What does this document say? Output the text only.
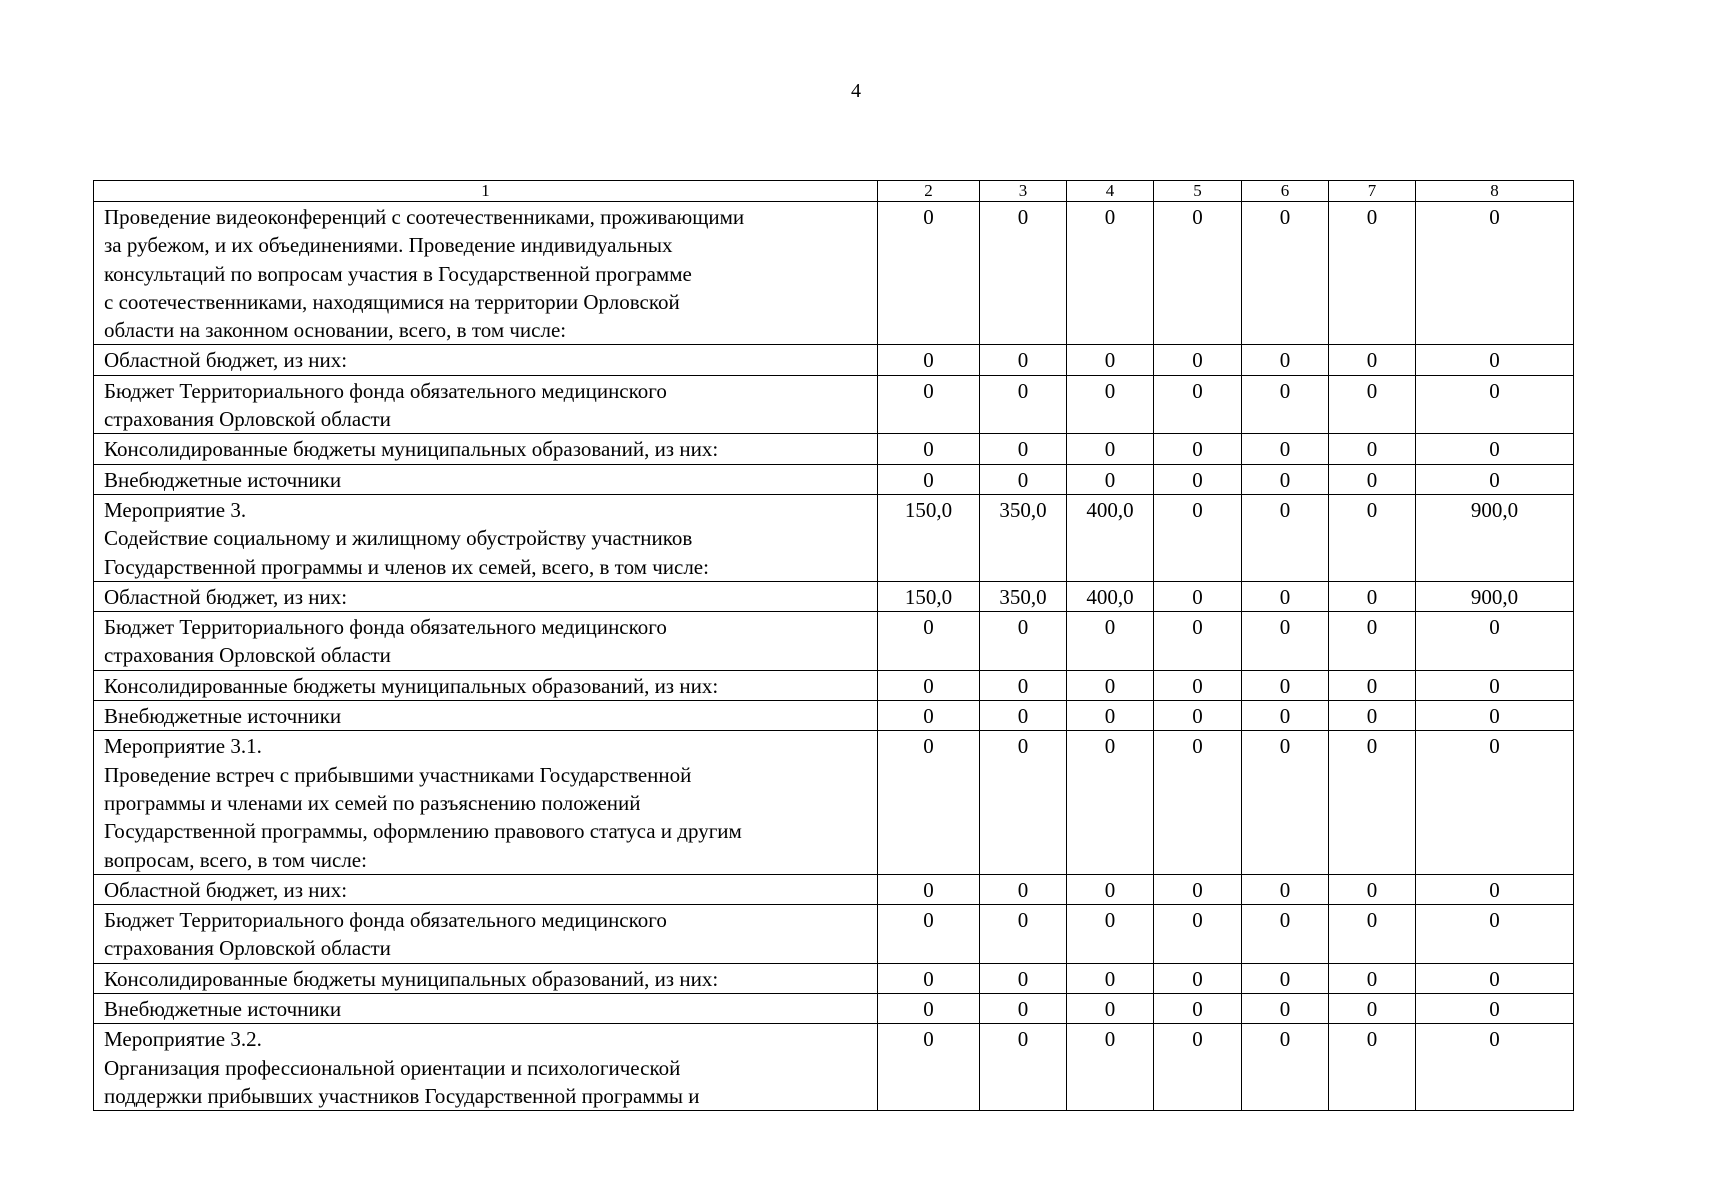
4
1	2	3	4	5	6	7	8
Проведение видеоконференций с соотечественниками, проживающими
за рубежом, и их объединениями. Проведение индивидуальных
консультаций по вопросам участия в Государственной программе
с соотечественниками, находящимися на территории Орловской
области на законном основании, всего, в том числе:	0	0	0	0	0	0	0
Областной бюджет, из них:	0	0	0	0	0	0	0
Бюджет Территориального фонда обязательного медицинского
страхования Орловской области	0	0	0	0	0	0	0
Консолидированные бюджеты муниципальных образований, из них:	0	0	0	0	0	0	0
Внебюджетные источники	0	0	0	0	0	0	0
Мероприятие 3.
Содействие социальному и жилищному обустройству участников
Государственной программы и членов их семей, всего, в том числе:	150,0	350,0	400,0	0	0	0	900,0
Областной бюджет, из них:	150,0	350,0	400,0	0	0	0	900,0
Бюджет Территориального фонда обязательного медицинского
страхования Орловской области	0	0	0	0	0	0	0
Консолидированные бюджеты муниципальных образований, из них:	0	0	0	0	0	0	0
Внебюджетные источники	0	0	0	0	0	0	0
Мероприятие 3.1.
Проведение встреч с прибывшими участниками Государственной
программы и членами их семей по разъяснению положений
Государственной программы, оформлению правового статуса и другим
вопросам, всего, в том числе:	0	0	0	0	0	0	0
Областной бюджет, из них:	0	0	0	0	0	0	0
Бюджет Территориального фонда обязательного медицинского
страхования Орловской области	0	0	0	0	0	0	0
Консолидированные бюджеты муниципальных образований, из них:	0	0	0	0	0	0	0
Внебюджетные источники	0	0	0	0	0	0	0
Мероприятие 3.2.
Организация профессиональной ориентации и психологической
поддержки прибывших участников Государственной программы и	0	0	0	0	0	0	0
